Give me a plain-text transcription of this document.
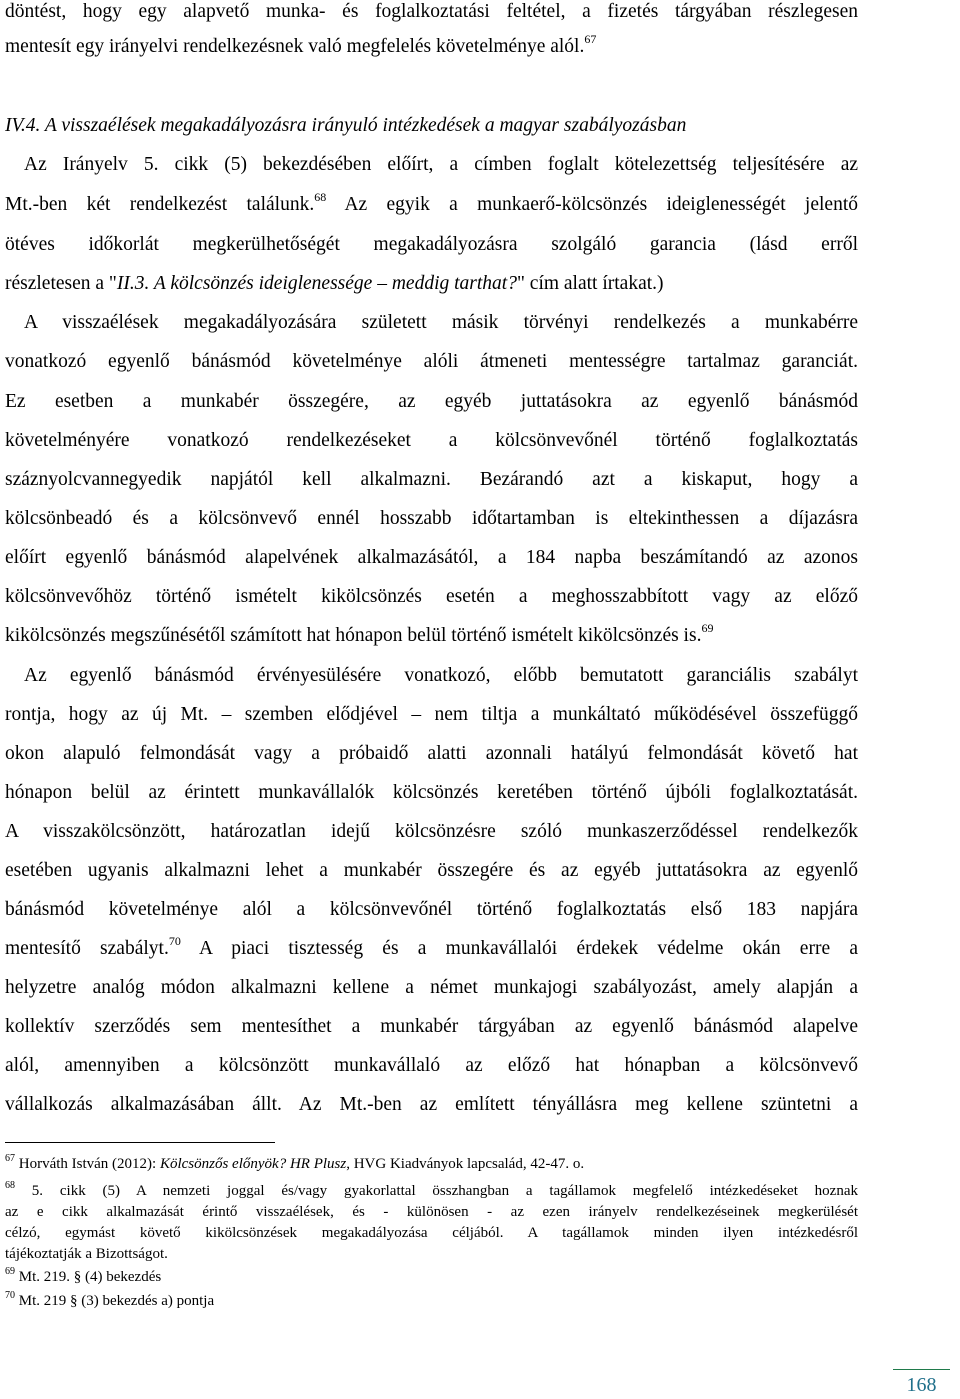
döntést, hogy egy alapvető munka- és foglalkoztatási feltétel, a fizetés tárgyában részlegesen
mentesít egy irányelvi rendelkezésnek való megfelelés követelménye alól.$^{67}$
IV.4. A visszaélések megakadályozásra irányuló intézkedések a magyar szabályozásban
Az Irányelv 5. cikk (5) bekezdésében előírt, a címben foglalt kötelezettség teljesítésére az
Mt.-ben két rendelkezést találunk.$^{68}$ Az egyik a munkaerő-kölcsönzés ideiglenességét jelentő
ötéves időkorlát megkerülhetőségét megakadályozásra szolgáló garancia (lásd erről
részletesen a "II.3. A kölcsönzés ideiglenessége – meddig tarthat?" cím alatt írtakat.)
A visszaélések megakadályozására született másik törvényi rendelkezés a munkabérre
vonatkozó egyenlő bánásmód követelménye alóli átmeneti mentességre tartalmaz garanciát.
Ez esetben a munkabér összegére, az egyéb juttatásokra az egyenlő bánásmód
követelményére vonatkozó rendelkezéseket a kölcsönvevőnél történő foglalkoztatás
száznyolcvannegyedik napjától kell alkalmazni. Bezárandó azt a kiskaput, hogy a
kölcsönbeadó és a kölcsönvevő ennél hosszabb időtartamban is eltekinthessen a díjazásra
előírt egyenlő bánásmód alapelvének alkalmazásától, a 184 napba beszámítandó az azonos
kölcsönvevőhöz történő ismételt kikölcsönzés esetén a meghosszabbított vagy az előző
kikölcsönzés megszűnésétől számított hat hónapon belül történő ismételt kikölcsönzés is.$^{69}$
Az egyenlő bánásmód érvényesülésére vonatkozó, előbb bemutatott garanciális szabályt
rontja, hogy az új Mt. – szemben elődjével – nem tiltja a munkáltató működésével összefüggő
okon alapuló felmondását vagy a próbaidő alatti azonnali hatályú felmondását követő hat
hónapon belül az érintett munkavállalók kölcsönzés keretében történő újbóli foglalkoztatását.
A visszakölcsönzött, határozatlan idejű kölcsönzésre szóló munkaszerződéssel rendelkezők
esetében ugyanis alkalmazni lehet a munkabér összegére és az egyéb juttatásokra az egyenlő
bánásmód követelménye alól a kölcsönvevőnél történő foglalkoztatás első 183 napjára
mentesítő szabályt.$^{70}$ A piaci tisztesség és a munkavállalói érdekek védelme okán erre a
helyzetre analóg módon alkalmazni kellene a német munkajogi szabályozást, amely alapján a
kollektív szerződés sem mentesíthet a munkabér tárgyában az egyenlő bánásmód alapelve
alól, amennyiben a kölcsönzött munkavállaló az előző hat hónapban a kölcsönvevő
vállalkozás alkalmazásában állt. Az Mt.-ben az említett tényállásra meg kellene szüntetni a
$^{67}$ Horváth István (2012): Kölcsönzős előnyök? HR Plusz, HVG Kiadványok lapcsalád, 42-47. o.
$^{68}$ 5. cikk (5) A nemzeti joggal és/vagy gyakorlattal összhangban a tagállamok megfelelő intézkedéseket hoznak
az e cikk alkalmazását érintő visszaélések, és - különösen - az ezen irányelv rendelkezéseinek megkerülését
célzó, egymást követő kikölcsönzések megakadályozása céljából. A tagállamok minden ilyen intézkedésről
tájékoztatják a Bizottságot.
$^{69}$ Mt. 219. § (4) bekezdés
$^{70}$ Mt. 219 § (3) bekezdés a) pontja
168
